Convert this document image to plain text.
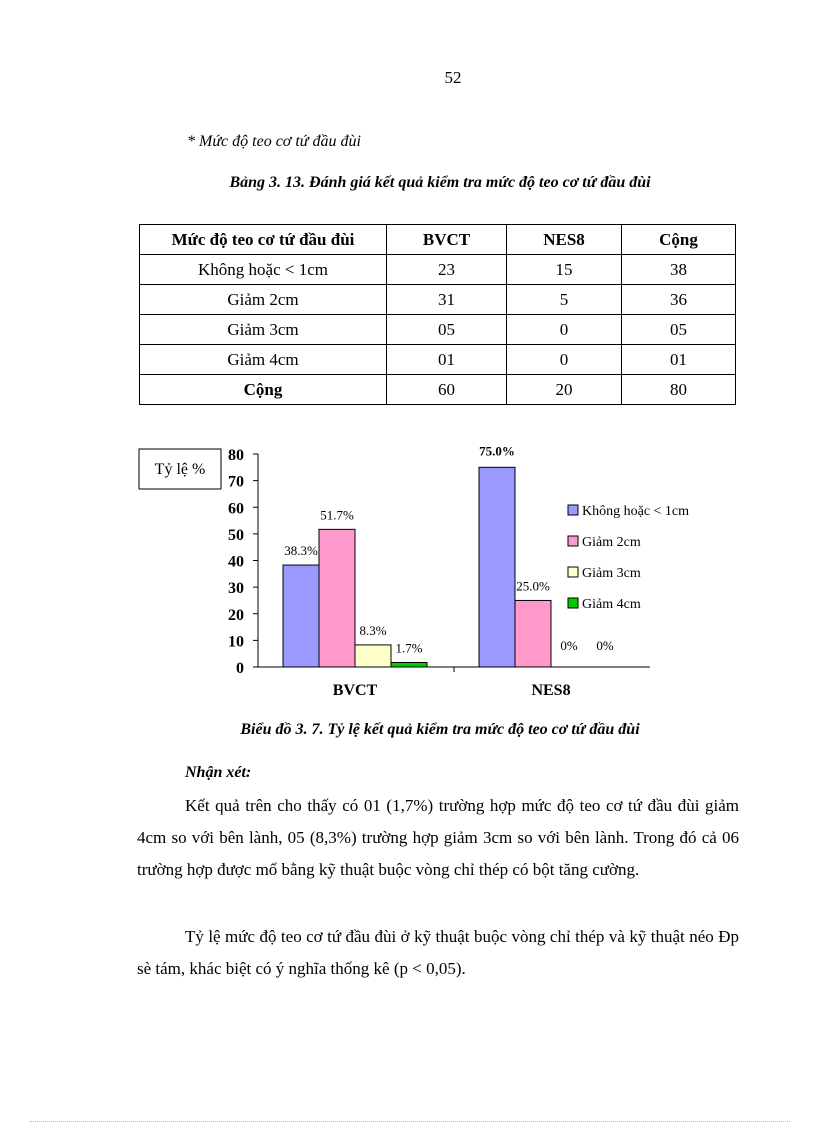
52
* Mức độ teo cơ tứ đầu đùi
Bảng 3. 13. Đánh giá kết quả kiểm tra mức độ teo cơ tứ đầu đùi
Mức độ teo cơ tứ đầu đùi	BVCT	NES8	Cộng
Không hoặc < 1cm	23	15	38
Giảm 2cm	31	5	36
Giảm 3cm	05	0	05
Giảm 4cm	01	0	01
Cộng	60	20	80
Tỷ lệ %
0
10
20
30
40
50
60
70
80
BVCT	NES8
38.3%
75.0%
51.7%
25.0%
8.3%
0%
1.7%	0%
Không hoặc < 1cm
Giảm 2cm
Giảm 3cm
Giảm 4cm
Biểu đồ 3. 7. Tỷ lệ kết quả kiểm tra mức độ teo cơ tứ đầu đùi
Nhận xét:
Kết quả trên cho thấy có 01 (1,7%) trường hợp mức độ teo cơ tứ đầu đùi giảm 4cm so với bên lành, 05 (8,3%) trường hợp giảm 3cm so với bên lành. Trong đó cả 06 trường hợp được mổ bằng kỹ thuật buộc vòng chỉ thép có bột tăng cường.
Tỷ lệ mức độ teo cơ tứ đầu đùi ở kỹ thuật buộc vòng chỉ thép và kỹ thuật néo Đp sè tám, khác biệt có ý nghĩa thống kê (p < 0,05).
